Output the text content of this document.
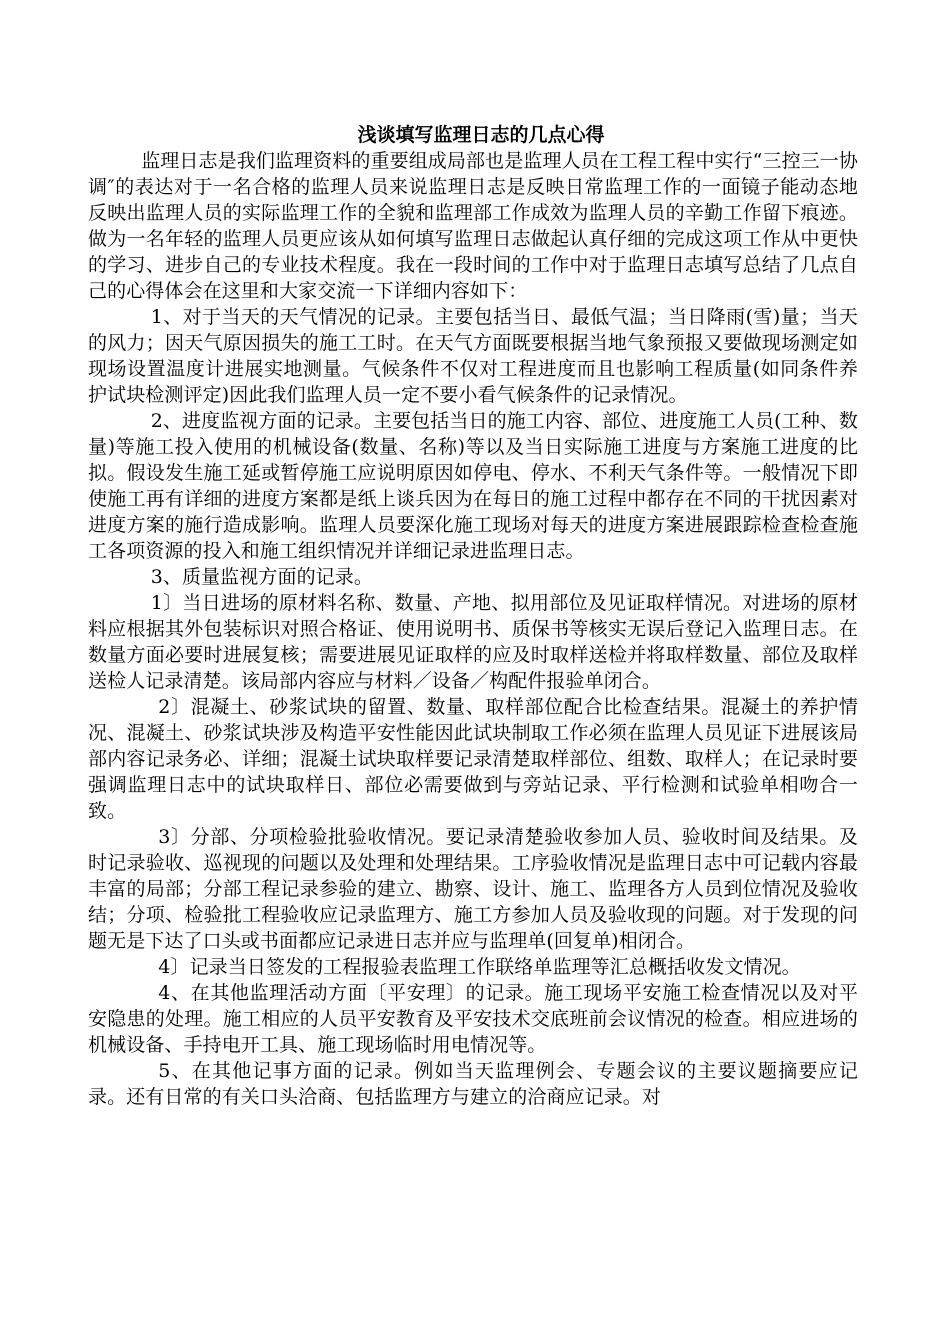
浅谈填写监理日志的几点心得

监理日志是我们监理资料的重要组成局部也是监理人员在工程工程中实行“三控三一协调″的表达对于一名合格的监理人员来说监理日志是反映日常监理工作的一面镜子能动态地反映出监理人员的实际监理工作的全貌和监理部工作成效为监理人员的辛勤工作留下痕迹。做为一名年轻的监理人员更应该从如何填写监理日志做起认真仔细的完成这项工作从中更快的学习、进步自己的专业技术程度。我在一段时间的工作中对于监理日志填写总结了几点自己的心得体会在这里和大家交流一下详细内容如下：

1、对于当天的天气情况的记录。主要包括当日、最低气温；当日降雨(雪)量；当天的风力；因天气原因损失的施工工时。在天气方面既要根据当地气象预报又要做现场测定如现场设置温度计进展实地测量。气候条件不仅对工程进度而且也影响工程质量(如同条件养护试块检测评定)因此我们监理人员一定不要小看气候条件的记录情况。

2、进度监视方面的记录。主要包括当日的施工内容、部位、进度施工人员(工种、数量)等施工投入使用的机械设备(数量、名称)等以及当日实际施工进度与方案施工进度的比拟。假设发生施工延或暂停施工应说明原因如停电、停水、不利天气条件等。一般情况下即使施工再有详细的进度方案都是纸上谈兵因为在每日的施工过程中都存在不同的干扰因素对进度方案的施行造成影响。监理人员要深化施工现场对每天的进度方案进展跟踪检查检查施工各项资源的投入和施工组织情况并详细记录进监理日志。

3、质量监视方面的记录。

1〕当日进场的原材料名称、数量、产地、拟用部位及见证取样情况。对进场的原材料应根据其外包装标识对照合格证、使用说明书、质保书等核实无误后登记入监理日志。在数量方面必要时进展复核；需要进展见证取样的应及时取样送检并将取样数量、部位及取样送检人记录清楚。该局部内容应与材料／设备／构配件报验单闭合。

2〕混凝土、砂浆试块的留置、数量、取样部位配合比检查结果。混凝土的养护情况、混凝土、砂浆试块涉及构造平安性能因此试块制取工作必须在监理人员见证下进展该局部内容记录务必、详细；混凝土试块取样要记录清楚取样部位、组数、取样人；在记录时要强调监理日志中的试块取样日、部位必需要做到与旁站记录、平行检测和试验单相吻合一致。

3〕分部、分项检验批验收情况。要记录清楚验收参加人员、验收时间及结果。及时记录验收、巡视现的问题以及处理和处理结果。工序验收情况是监理日志中可记载内容最丰富的局部；分部工程记录参验的建立、勘察、设计、施工、监理各方人员到位情况及验收结；分项、检验批工程验收应记录监理方、施工方参加人员及验收现的问题。对于发现的问题无是下达了口头或书面都应记录进日志并应与监理单(回复单)相闭合。

4〕记录当日签发的工程报验表监理工作联络单监理等汇总概括收发文情况。

4、在其他监理活动方面〔平安理〕的记录。施工现场平安施工检查情况以及对平安隐患的处理。施工相应的人员平安教育及平安技术交底班前会议情况的检查。相应进场的机械设备、手持电开工具、施工现场临时用电情况等。

5、在其他记事方面的记录。例如当天监理例会、专题会议的主要议题摘要应记录。还有日常的有关口头洽商、包括监理方与建立的洽商应记录。对
